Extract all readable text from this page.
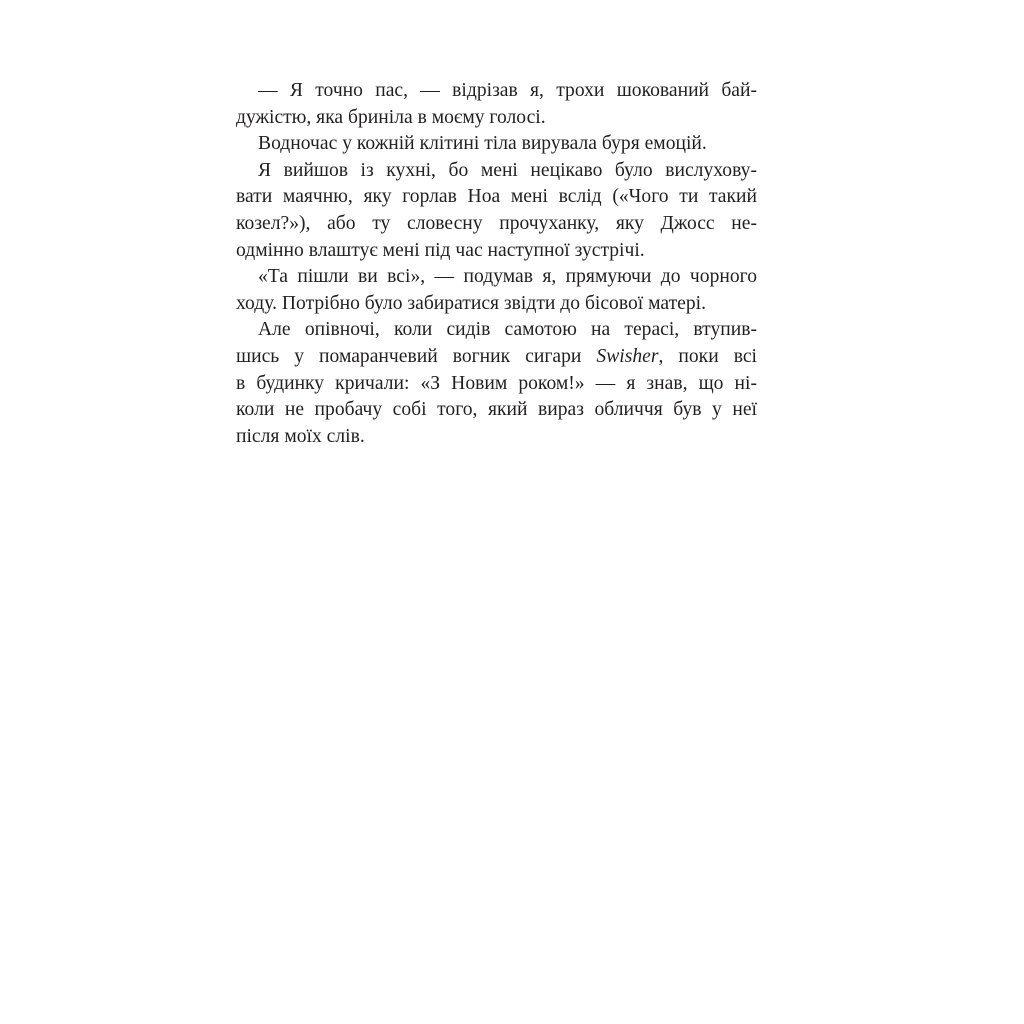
— Я точно пас, — відрізав я, трохи шокований бай-
дужістю, яка бриніла в моєму голосі.
Водночас у кожній клітині тіла вирувала буря емоцій.
Я вийшов із кухні, бо мені нецікаво було вислухову-
вати маячню, яку горлав Ноа мені вслід («Чого ти такий
козел?»), або ту словесну прочуханку, яку Джосс не-
одмінно влаштує мені під час наступної зустрічі.
«Та пішли ви всі», — подумав я, прямуючи до чорного
ходу. Потрібно було забиратися звідти до бісової матері.
Але опівночі, коли сидів самотою на терасі, втупив-
шись у помаранчевий вогник сигари Swisher, поки всі
в будинку кричали: «З Новим роком!» — я знав, що ні-
коли не пробачу собі того, який вираз обличчя був у неї
після моїх слів.
